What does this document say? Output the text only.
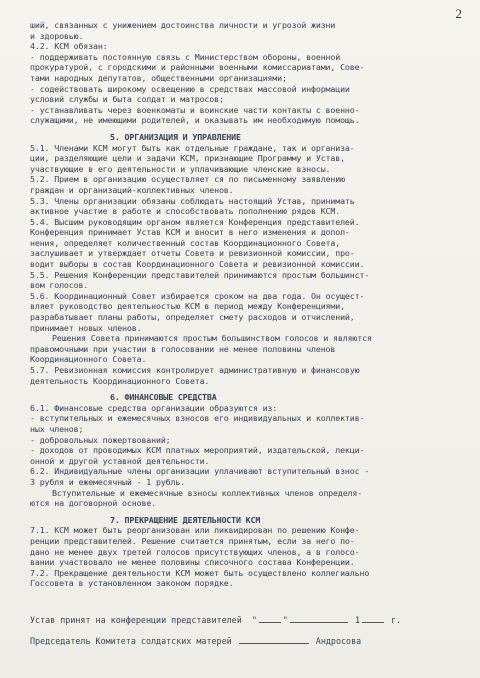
2
ший, связанных с унижением достоинства личности и угрозой жизни
и здоровью.
4.2. КСМ обязан:
- поддерживать постоянную связь с Министерством обороны, военной
прокуратурой, с городскими и районными военными комиссариатами, Сове-
тами народных депутатов, общественными организациями;
- содействовать широкому освещению в средствах массовой информации
условий службы и быта солдат и матросов;
- устанавливать через военкоматы и воинские части контакты с военно-
служащими, не имеющими родителей, и оказывать им необходимую помощь.
5. ОРГАНИЗАЦИЯ И УПРАВЛЕНИЕ
5.1. Членами КСМ могут быть как отдельные граждане, так и организа-
ции, разделяющие цели и задачи КСМ, признающие Программу и Устав,
участвующие в его деятельности и уплачивающие членские взносы.
5.2. Прием в организацию осуществляет ся по письменному заявлению
граждан и организаций-коллективных членов.
5.3. Члены организации обязаны соблюдать настоящий Устав, принимать
активное участие в работе и способствовать пополнению рядов КСМ.
5.4. Высшим руководящим органом является Конференция представителей.
Конференция принимает Устав КСМ и вносит в него изменения и допол-
нения, определяет количественный состав Координационного Совета,
заслушивает и утверждает отчеты Совета и ревизионной комиссии, про-
водит выборы в состав Координационного Совета и ревизионной комиссии.
5.5. Решения Конференции представителей принимаются простым большинст-
вом голосов.
5.6. Координационный Совет избирается сроком на два года. Он осущест-
вляет руководство деятельностью КСМ в период между Конференциями,
разрабатывает планы работы, определяет смету расходов и отчислений,
принимает новых членов.
Решения Совета принимаются простым большинством голосов и являются
правомочными при участии в голосовании не менее половины членов
Координационного Совета.
5.7. Ревизионная комиссия контролирует административную и финансовую
деятельность Координационного Совета.
6. ФИНАНСОВЫЕ СРЕДСТВА
6.1. Финансовые средства организации образуются из:
- вступительных и ежемесячных взносов его индивидуальных и коллектив-
ных членов;
- добровольных пожертвований;
- доходов от проводимых КСМ платных мероприятий, издательской, лекци-
онной и другой уставной деятельности.
6.2. Индивидуальные члены организации уплачивают вступительный взнос -
3 рубля и ежемесячный - 1 рубль.
Вступительные и ежемесячные взносы коллективных членов определя-
ются на договорной основе.
7. ПРЕКРАЩЕНИЕ ДЕЯТЕЛЬНОСТИ КСМ
7.1. КСМ может быть реорганизован или ликвидирован по решению Конфе-
ренции представителей. Решение считается принятым, если за него по-
дано не менее двух третей голосов присутствующих членов, а в голосо-
вании участвовало не менее половины списочного состава Конференции.
7.2. Прекращение деятельности КСМ может быть осуществлено коллегиально
Госсовета в установленном законом порядке.
Устав принят на конференции представителей  "	"	1	г.
Председатель Комитета солдатских матерей	Андросова
